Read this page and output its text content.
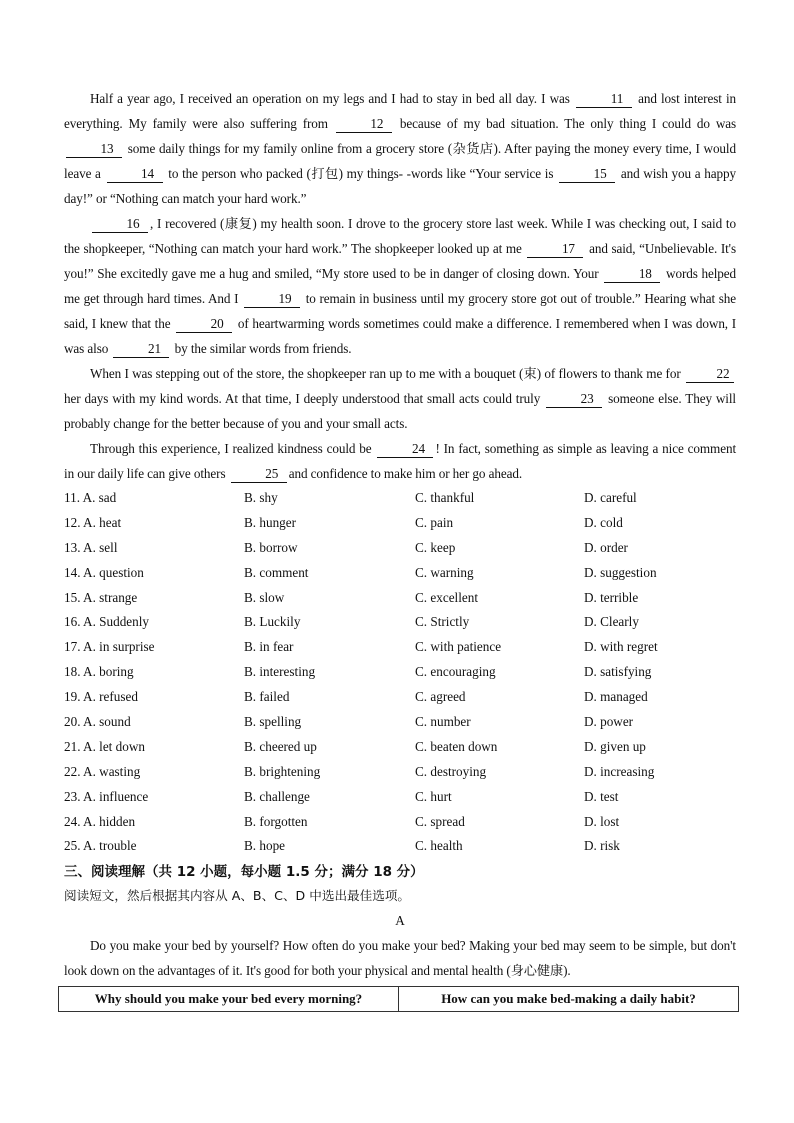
Half a year ago, I received an operation on my legs and I had to stay in bed all day. I was	11 and lost interest in everything. My family were also suffering from	12 because of my bad situation. The only thing I could do was 13 some daily things for my family online from a grocery store (杂货店). After paying the money every time, I would leave a	14 to the person who packed (打包) my things- -words like “Your service is	15 and wish you a happy day!” or “Nothing can match your hard work.”

16 , I recovered (康复) my health soon. I drove to the grocery store last week. While I was checking out, I said to the shopkeeper, “Nothing can match your hard work.” The shopkeeper looked up at me	17 and said, “Unbelievable. It's you!” She excitedly gave me a hug and smiled, “My store used to be in danger of closing down. Your	18 words helped me get through hard times. And I	19 to remain in business until my grocery store got out of trouble.” Hearing what she said, I knew that the	20 of heartwarming words sometimes could make a difference. I remembered when I was down, I was also	21 by the similar words from friends.

When I was stepping out of the store, the shopkeeper ran up to me with a bouquet (束) of flowers to thank me for	22 her days with my kind words. At that time, I deeply understood that small acts could truly	23 someone else. They will probably change for the better because of you and your small acts.

Through this experience, I realized kindness could be	24 ! In fact, something as simple as leaving a nice comment in our daily life can give others	25 and confidence to make him or her go ahead.

11. A. sad	B. shy	C. thankful	D. careful
12. A. heat	B. hunger	C. pain	D. cold
13. A. sell	B. borrow	C. keep	D. order
14. A. question	B. comment	C. warning	D. suggestion
15. A. strange	B. slow	C. excellent	D. terrible
16. A. Suddenly	B. Luckily	C. Strictly	D. Clearly
17. A. in surprise	B. in fear	C. with patience	D. with regret
18. A. boring	B. interesting	C. encouraging	D. satisfying
19. A. refused	B. failed	C. agreed	D. managed
20. A. sound	B. spelling	C. number	D. power
21. A. let down	B. cheered up	C. beaten down	D. given up
22. A. wasting	B. brightening	C. destroying	D. increasing
23. A. influence	B. challenge	C. hurt	D. test
24. A. hidden	B. forgotten	C. spread	D. lost
25. A. trouble	B. hope	C. health	D. risk
三、阅读理解（共 12 小题，每小题 1.5 分；满分 18 分）
阅读短文，然后根据其内容从 A、B、C、D 中选出最佳选项。
A

Do you make your bed by yourself? How often do you make your bed? Making your bed may seem to be simple, but don't look down on the advantages of it. It's good for both your physical and mental health (身心健康).

Why should you make your bed every morning?	How can you make bed-making a daily habit?
